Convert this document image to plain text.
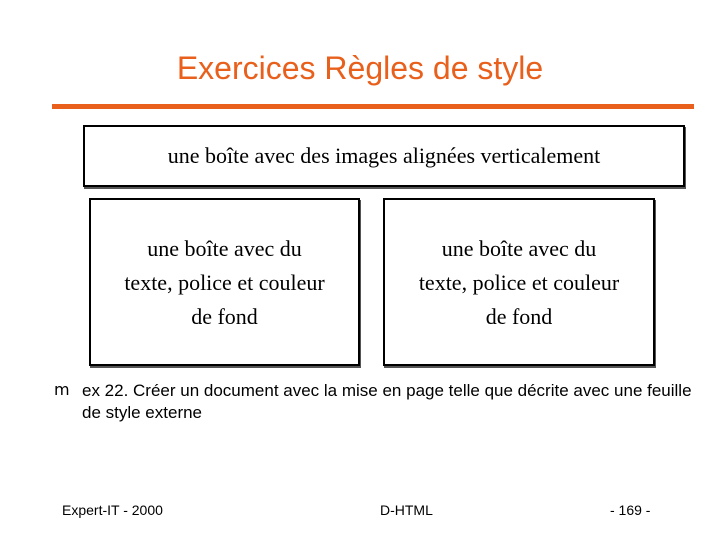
Exercices Règles de style
une boîte avec des images alignées verticalement
une boîte avec du
texte, police et couleur
de fond
une boîte avec du
texte, police et couleur
de fond
m ex 22. Créer un document avec la mise en page telle que décrite avec une feuille de style externe
Expert-IT - 2000	D-HTML	- 169 -
